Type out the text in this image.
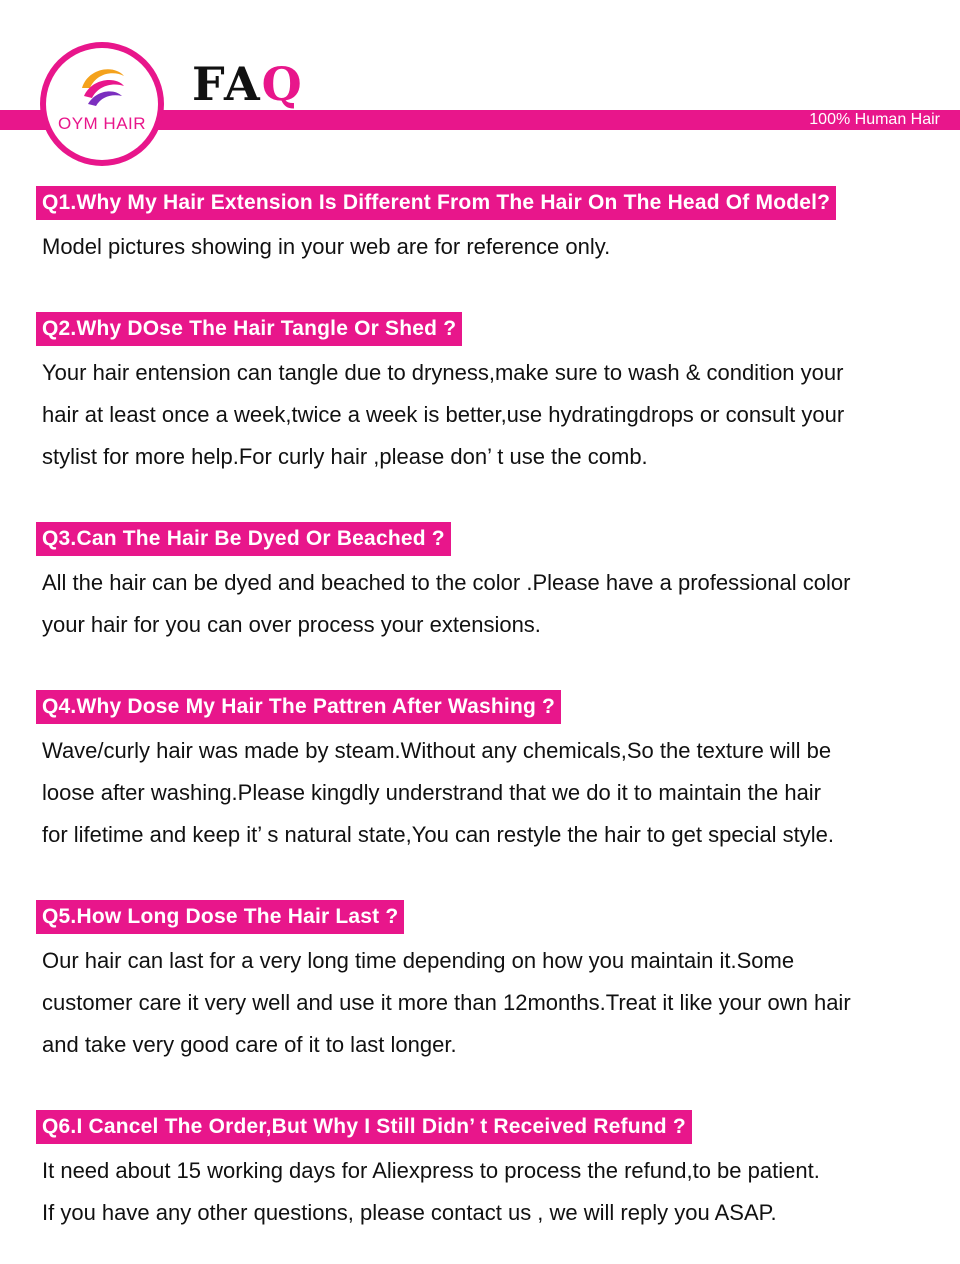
100% Human Hair
OYM HAIR
FAQ
Q1.Why My Hair Extension Is Different From The Hair On The Head Of Model?
Model pictures showing in your web are for reference only.
Q2.Why DOse The Hair Tangle Or Shed ?
Your hair entension can tangle due to dryness,make sure to wash & condition your
hair at least once a week,twice a week is better,use hydratingdrops or consult your
stylist for more help.For curly hair ,please don’ t use the comb.
Q3.Can The Hair Be Dyed Or Beached ?
All the hair can be dyed and beached to the color .Please have a professional color
your hair for you can over process your extensions.
Q4.Why Dose My Hair The Pattren After Washing ?
Wave/curly hair was made by steam.Without any chemicals,So the texture will be
loose after washing.Please kingdly understrand that we do it to maintain the hair
for lifetime and keep it’ s natural state,You can restyle the hair to get special style.
Q5.How Long Dose The Hair Last ?
Our hair can last for a very long time depending on how you maintain it.Some
customer care it very well and use it more than 12months.Treat it like your own hair
and take very good care of it to last longer.
Q6.I Cancel The Order,But Why I Still Didn’ t Received Refund ?
It need about 15 working days for Aliexpress to process the refund,to be patient.
If you have any other questions, please contact us , we will reply you ASAP.
